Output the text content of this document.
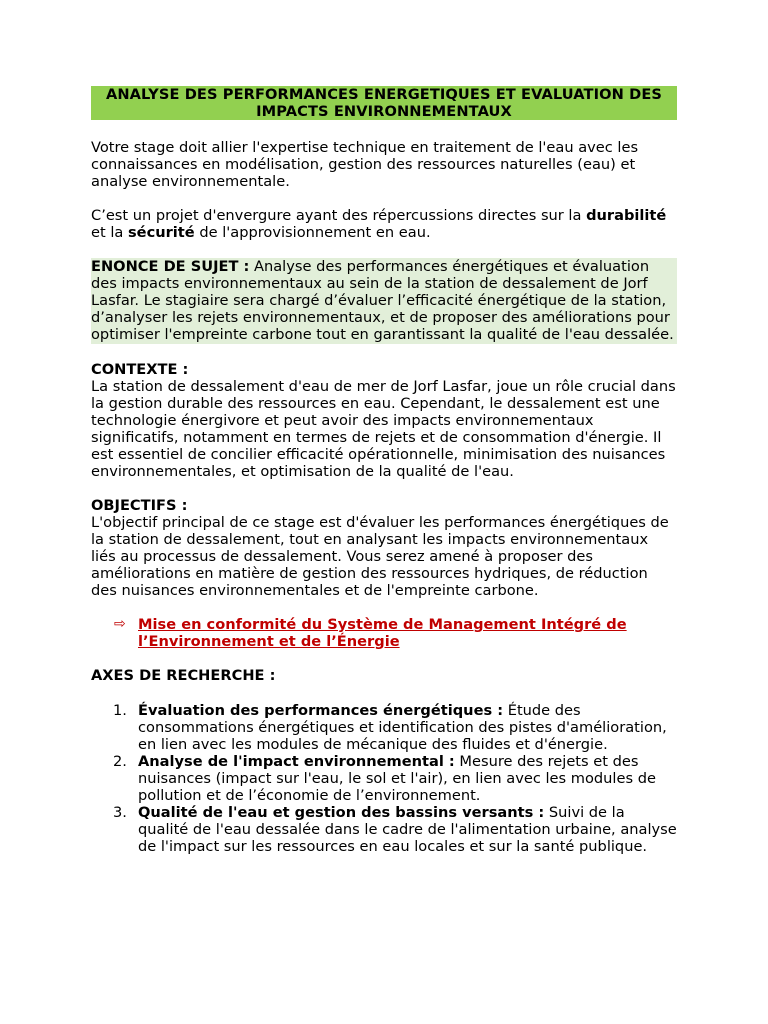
ANALYSE DES PERFORMANCES ENERGETIQUES ET EVALUATION DES IMPACTS ENVIRONNEMENTAUX

Votre stage doit allier l'expertise technique en traitement de l'eau avec les connaissances en modélisation, gestion des ressources naturelles (eau) et analyse environnementale.

C’est un projet d'envergure ayant des répercussions directes sur la durabilité et la sécurité de l'approvisionnement en eau.

ENONCE DE SUJET : Analyse des performances énergétiques et évaluation des impacts environnementaux au sein de la station de dessalement de Jorf Lasfar. Le stagiaire sera chargé d’évaluer l’efficacité énergétique de la station, d’analyser les rejets environnementaux, et de proposer des améliorations pour optimiser l'empreinte carbone tout en garantissant la qualité de l'eau dessalée.

CONTEXTE :

La station de dessalement d'eau de mer de Jorf Lasfar, joue un rôle crucial dans la gestion durable des ressources en eau. Cependant, le dessalement est une technologie énergivore et peut avoir des impacts environnementaux significatifs, notamment en termes de rejets et de consommation d'énergie. Il est essentiel de concilier efficacité opérationnelle, minimisation des nuisances environnementales, et optimisation de la qualité de l'eau.

OBJECTIFS :

L'objectif principal de ce stage est d'évaluer les performances énergétiques de la station de dessalement, tout en analysant les impacts environnementaux liés au processus de dessalement. Vous serez amené à proposer des améliorations en matière de gestion des ressources hydriques, de réduction des nuisances environnementales et de l'empreinte carbone.

⇨ Mise en conformité du Système de Management Intégré de l’Environnement et de l’Énergie

AXES DE RECHERCHE :

1. Évaluation des performances énergétiques : Étude des consommations énergétiques et identification des pistes d'amélioration, en lien avec les modules de mécanique des fluides et d'énergie.
2. Analyse de l'impact environnemental : Mesure des rejets et des nuisances (impact sur l'eau, le sol et l'air), en lien avec les modules de pollution et de l’économie de l’environnement.
3. Qualité de l'eau et gestion des bassins versants : Suivi de la qualité de l'eau dessalée dans le cadre de l'alimentation urbaine, analyse de l'impact sur les ressources en eau locales et sur la santé publique.
